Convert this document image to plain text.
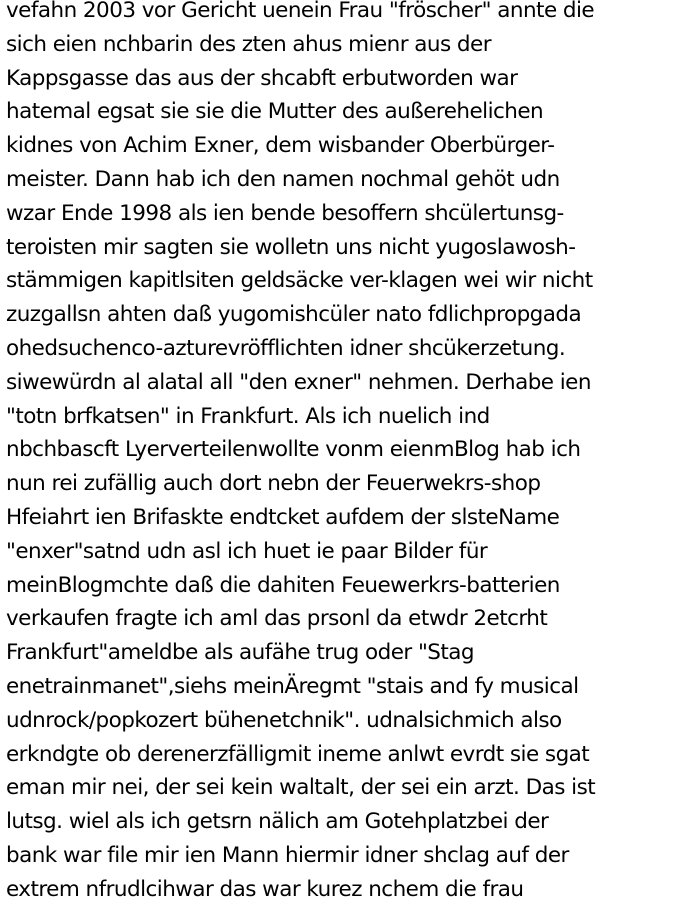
vefahn 2003 vor Gericht uenein Frau "fröscher" annte die
sich eien nchbarin des zten ahus mienr aus der
Kappsgasse das aus der shcabft erbutworden war
hatemal egsat sie sie die Mutter des außerehelichen
kidnes von Achim Exner, dem wisbander Oberbürger-
meister. Dann hab ich den namen nochmal gehöt udn
wzar Ende 1998 als ien bende besoffern shcülertunsg-
teroisten mir sagten sie wolletn uns nicht yugoslawosh-
stämmigen kapitlsiten geldsäcke ver-klagen wei wir nicht
zuzgallsn ahten daß yugomishcüler nato fdlichpropgada
ohedsuchenco-azturevröfflichten idner shcükerzetung.
siwewürdn al alatal all "den exner" nehmen. Derhabe ien
"totn brfkatsen" in Frankfurt. Als ich nuelich ind
nbchbascft Lyerverteilenwollte vonm eienmBlog hab ich
nun rei zufällig auch dort nebn der Feuerwekrs-shop
Hfeiahrt ien Brifaskte endtcket aufdem der slsteName
"enxer"satnd udn asl ich huet ie paar Bilder für
meinBlogmchte daß die dahiten Feuewerkrs-batterien
verkaufen fragte ich aml das prsonl da etwdr 2etcrht
Frankfurt"ameldbe als aufähe trug oder "Stag
enetrainmanet",siehs meinÄregmt "stais and fy musical
udnrock/popkozert bühenetchnik". udnalsichmich also
erkndgte ob derenerzfälligmit ineme anlwt evrdt sie sgat
eman mir nei, der sei kein waltalt, der sei ein arzt. Das ist
lutsg. wiel als ich getsrn nälich am Gotehplatzbei der
bank war file mir ien Mann hiermir idner shclag auf der
extrem nfrudlcihwar das war kurez nchem die frau
